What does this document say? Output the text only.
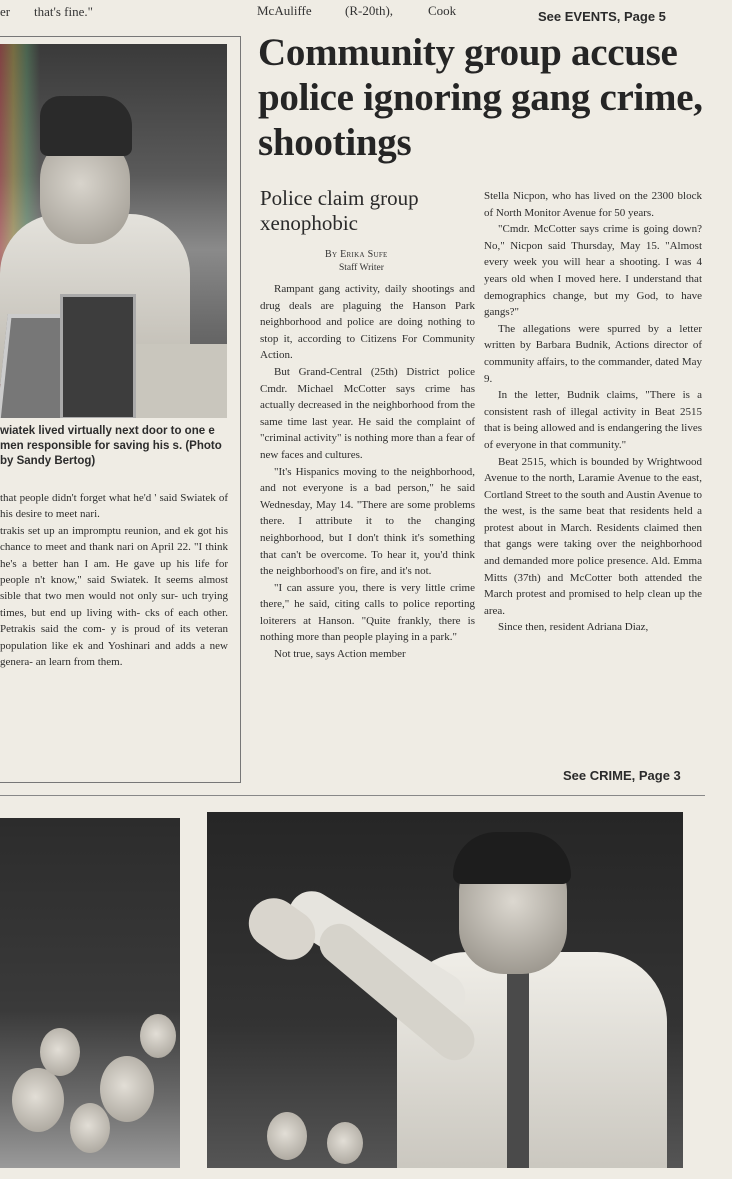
er that's fine."	McAuliffe	(R-20th),	Cook	See EVENTS, Page 5
Community group accuse police ignoring gang crime, shootings
Police claim group xenophobic
By Erika Sufe
Staff Writer
wiatek lived virtually next door to one e men responsible for saving his s. (Photo by Sandy Bertog)

that people didn't forget what he'd ' said Swiatek of his desire to meet nari.

trakis set up an impromptu reunion, and ek got his chance to meet and thank nari on April 22. "I think he's a better han I am. He gave up his life for people n't know," said Swiatek. It seems almost sible that two men would not only sur- uch trying times, but end up living with- cks of each other. Petrakis said the com- y is proud of its veteran population like ek and Yoshinari and adds a new genera- an learn from them.

Rampant gang activity, daily shootings and drug deals are plaguing the Hanson Park neighborhood and police are doing nothing to stop it, according to Citizens For Community Action.

But Grand-Central (25th) District police Cmdr. Michael McCotter says crime has actually decreased in the neighborhood from the same time last year. He said the complaint of "criminal activity" is nothing more than a fear of new faces and cultures.

"It's Hispanics moving to the neighborhood, and not everyone is a bad person," he said Wednesday, May 14. "There are some problems there. I attribute it to the changing neighborhood, but I don't think it's something that can't be overcome. To hear it, you'd think the neighborhood's on fire, and it's not.

"I can assure you, there is very little crime there," he said, citing calls to police reporting loiterers at Hanson. "Quite frankly, there is nothing more than people playing in a park."

Not true, says Action member

Stella Nicpon, who has lived on the 2300 block of North Monitor Avenue for 50 years.

"Cmdr. McCotter says crime is going down? No," Nicpon said Thursday, May 15. "Almost every week you will hear a shooting. I was 4 years old when I moved here. I understand that demographics change, but my God, to have gangs?"

The allegations were spurred by a letter written by Barbara Budnik, Actions director of community affairs, to the commander, dated May 9.

In the letter, Budnik claims, "There is a consistent rash of illegal activity in Beat 2515 that is being allowed and is endangering the lives of everyone in that community."

Beat 2515, which is bounded by Wrightwood Avenue to the north, Laramie Avenue to the east, Cortland Street to the south and Austin Avenue to the west, is the same beat that residents held a protest about in March. Residents claimed then that gangs were taking over the neighborhood and demanded more police presence. Ald. Emma Mitts (37th) and McCotter both attended the March protest and promised to help clean up the area.

Since then, resident Adriana Diaz,

See CRIME, Page 3
